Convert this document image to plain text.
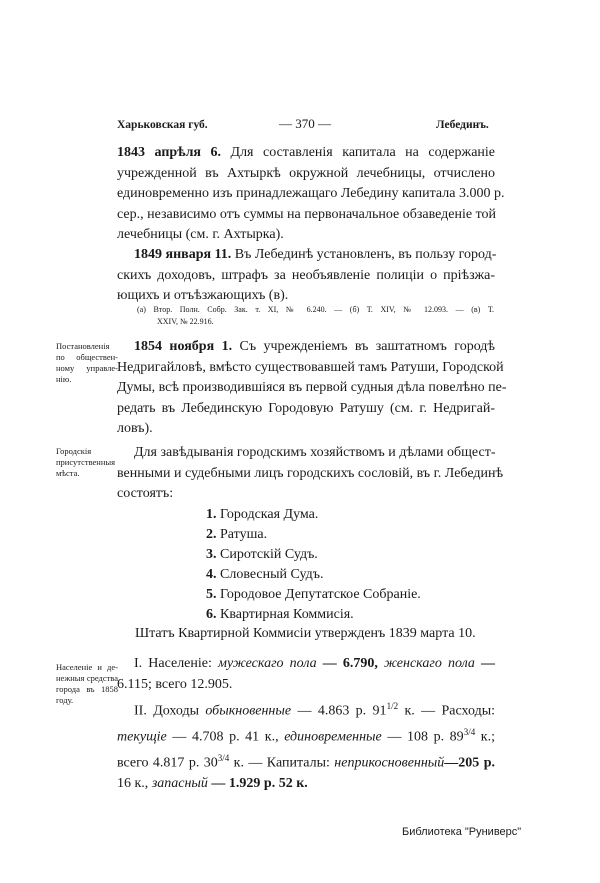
Харьковская губ.	— 370 —	Лебединъ.
1843 апрѣля 6. Для составленія капитала на содержаніе
учрежденной въ Ахтыркѣ окружной лечебницы, отчислено
единовременно изъ принадлежащаго Лебедину капитала 3.000 р.
сер., независимо отъ суммы на первоначальное обзаведеніе той
лечебницы (см. г. Ахтырка).
1849 января 11. Въ Лебединѣ установленъ, въ пользу город-
скихъ доходовъ, штрафъ за необъявленіе полиціи о пріѣзжа-
ющихъ и отъѣзжающихъ (в).
(а) Втор. Полн. Собр. Зак. т. XI, № 6.240. — (б) Т. XIV, № 12.093. — (в) Т.
XXIV, № 22.916.
Постановленія
по обществен-
ному управле-
нію.
1854 ноября 1. Съ учрежденіемъ въ заштатномъ городѣ
Недригайловѣ, вмѣсто существовавшей тамъ Ратуши, Городской
Думы, всѣ производившіяся въ первой судныя дѣла повелѣно пе-
редать въ Лебединскую Городовую Ратушу (см. г. Недригай-
ловъ).
Городскія
присутственныя
мѣста.
Для завѣдыванія городскимъ хозяйствомъ и дѣлами общест-
венными и судебными лицъ городскихъ сословій, въ г. Лебединѣ
состоятъ:
1. Городская Дума.
2. Ратуша.
3. Сиротскій Судъ.
4. Словесный Судъ.
5. Городовое Депутатское Собраніе.
6. Квартирная Коммисія.
Штатъ Квартирной Коммисіи утвержденъ 1839 марта 10.
Населеніе и де-
нежныя средства
города въ 1858
году.
I. Населеніе: мужескаго пола — 6.790, женскаго пола —
6.115; всего 12.905.
II. Доходы обыкновенные — 4.863 р. $91^{1/2}$ к. — Расходы:
текущіе — 4.708 р. 41 к., единовременные — 108 р. $89^{3/4}$ к.;
всего 4.817 р. $30^{3/4}$ к. — Капиталы: неприкосновенный—205 р.
16 к., запасный — 1.929 р. 52 к.
Библиотека "Руниверс"
